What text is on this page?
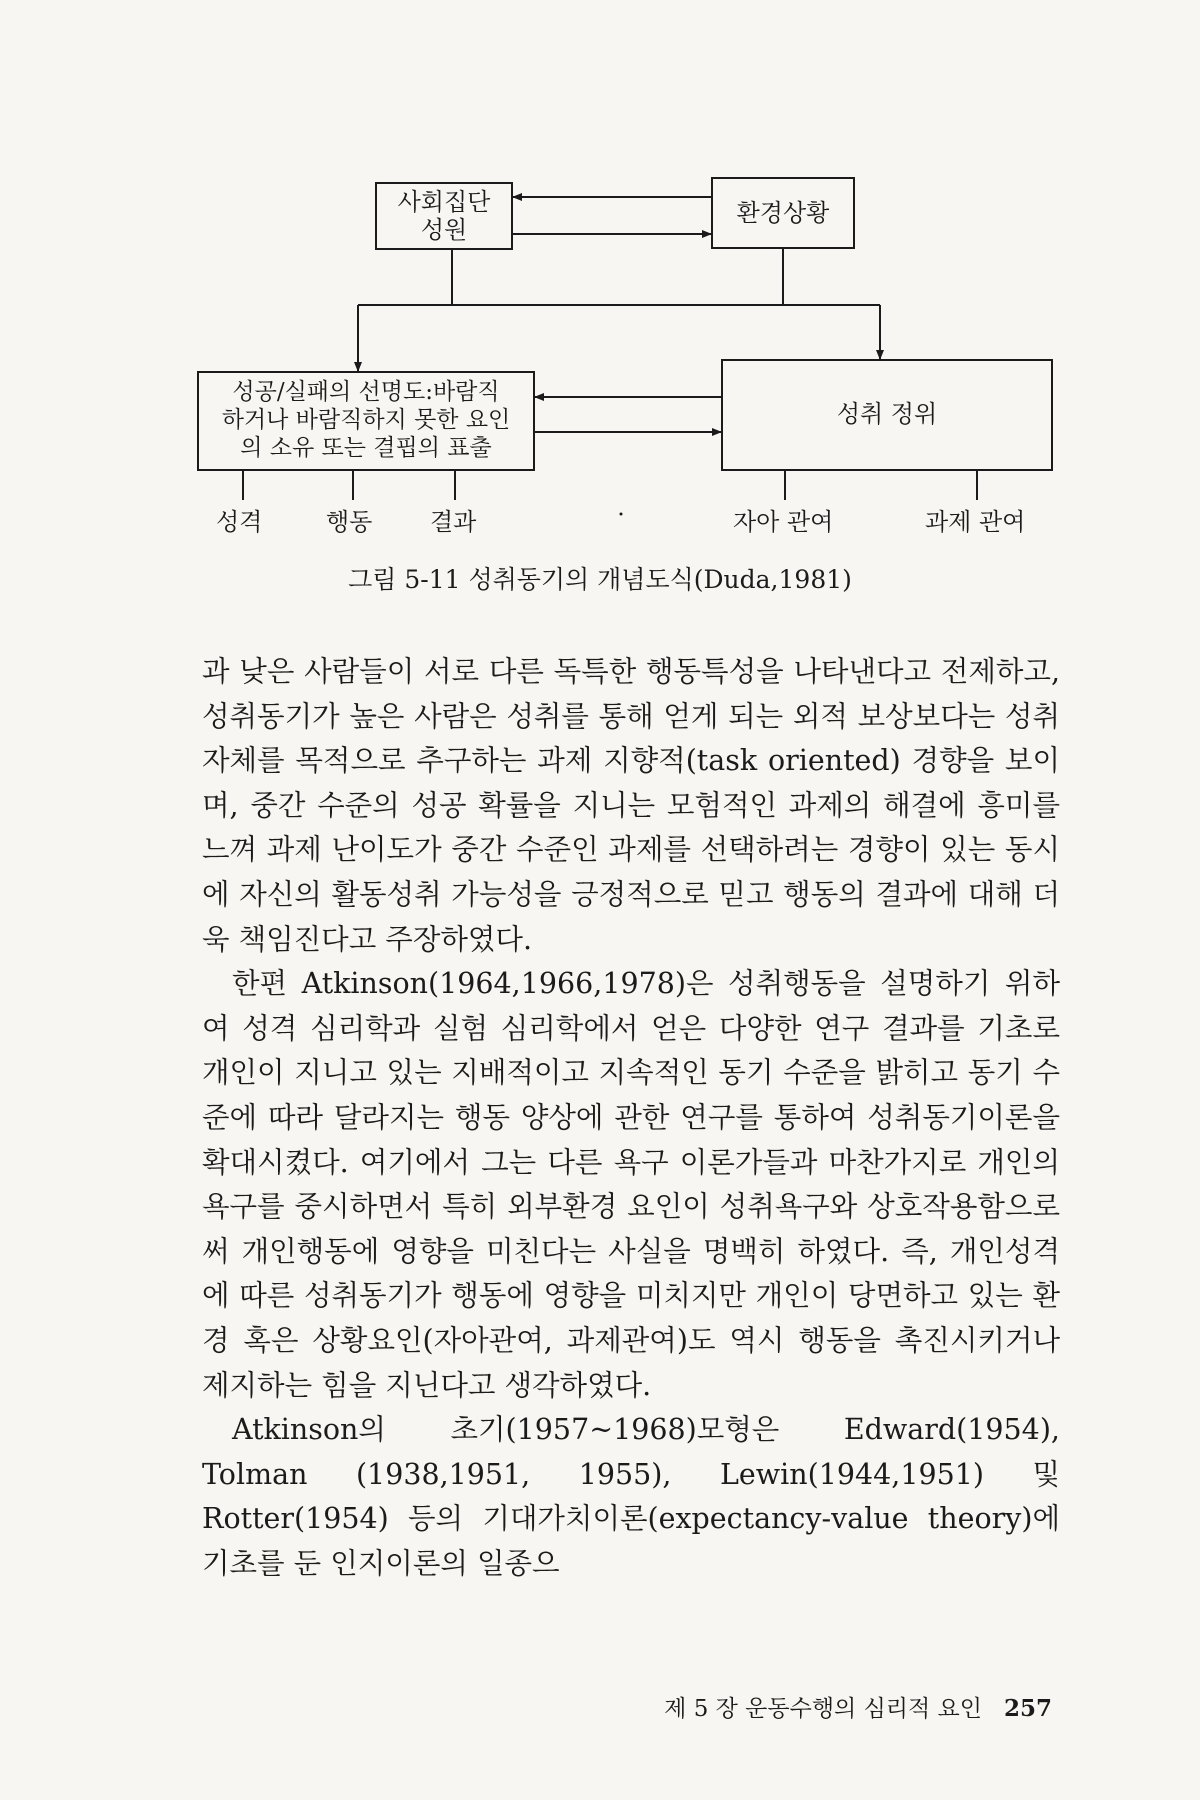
사회집단
성원
환경상황
성공/실패의 선명도:바람직
하거나 바람직하지 못한 요인
의 소유 또는 결핍의 표출
성취 정위
성격	행동 결과	자아 관여	과제 관여
그림 5-11 성취동기의 개념도식(Duda,1981)

과 낮은 사람들이 서로 다른 독특한 행동특성을 나타낸다고 전제하고, 성취동기가 높은 사람은 성취를 통해 얻게 되는 외적 보상보다는 성취 자체를 목적으로 추구하는 과제 지향적(task oriented) 경향을 보이며, 중간 수준의 성공 확률을 지니는 모험적인 과제의 해결에 흥미를 느껴 과제 난이도가 중간 수준인 과제를 선택하려는 경향이 있는 동시에 자신의 활동성취 가능성을 긍정적으로 믿고 행동의 결과에 대해 더욱 책임진다고 주장하였다.

한편 Atkinson(1964,1966,1978)은 성취행동을 설명하기 위하여 성격 심리학과 실험 심리학에서 얻은 다양한 연구 결과를 기초로 개인이 지니고 있는 지배적이고 지속적인 동기 수준을 밝히고 동기 수준에 따라 달라지는 행동 양상에 관한 연구를 통하여 성취동기이론을 확대시켰다. 여기에서 그는 다른 욕구 이론가들과 마찬가지로 개인의 욕구를 중시하면서 특히 외부환경 요인이 성취욕구와 상호작용함으로써 개인행동에 영향을 미친다는 사실을 명백히 하였다. 즉, 개인성격에 따른 성취동기가 행동에 영향을 미치지만 개인이 당면하고 있는 환경 혹은 상황요인(자아관여, 과제관여)도 역시 행동을 촉진시키거나 제지하는 힘을 지닌다고 생각하였다.

Atkinson의 초기(1957~1968)모형은 Edward(1954), Tolman (1938,1951, 1955), Lewin(1944,1951) 및 Rotter(1954) 등의 기대가치이론(expectancy-value theory)에 기초를 둔 인지이론의 일종으

제 5 장 운동수행의 심리적 요인 257
